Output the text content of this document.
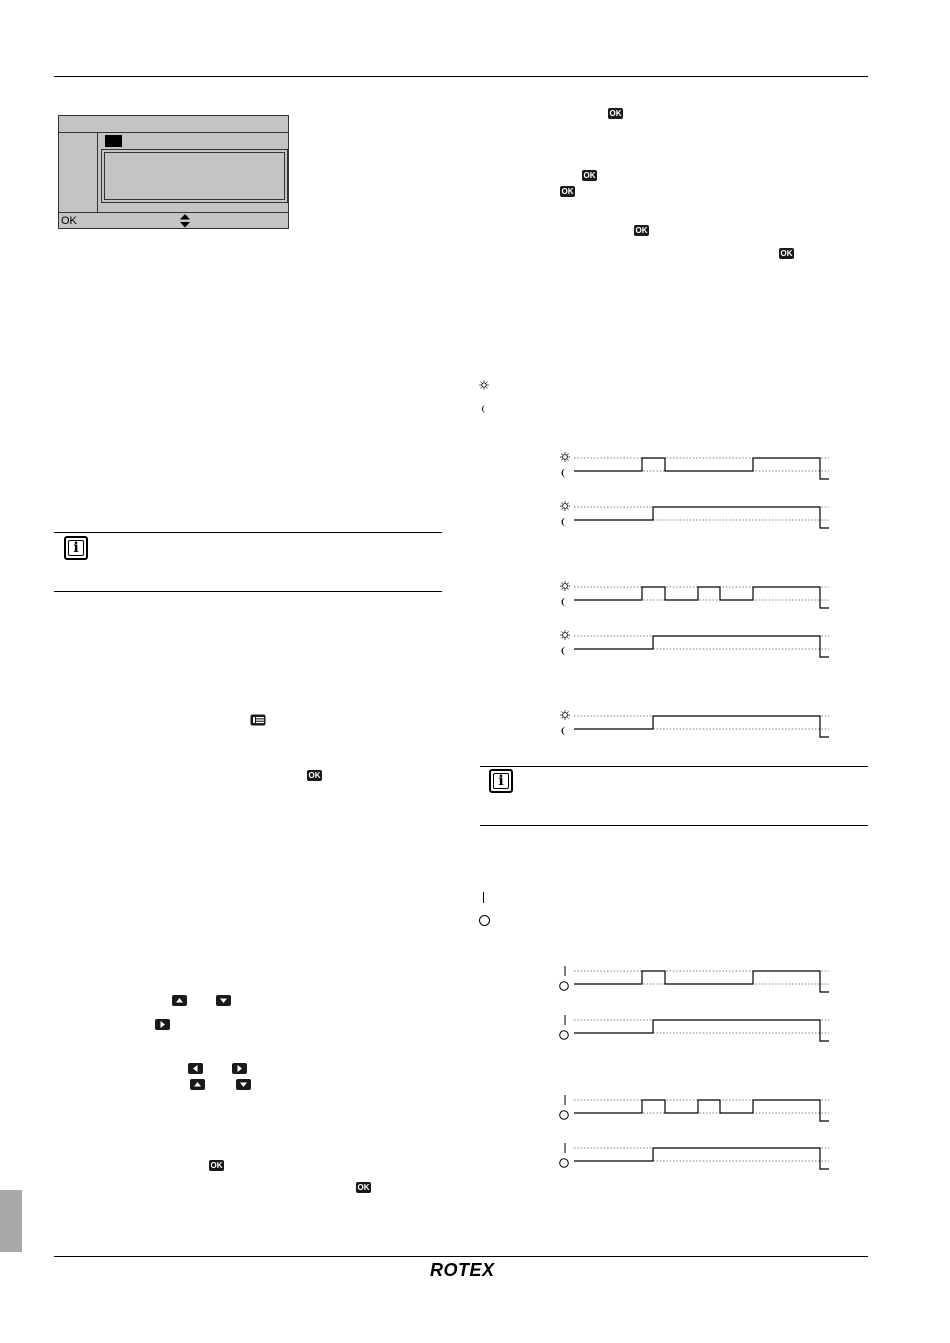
OK
i
OK
OK
OK
OK
OK
OK
OK
OK
i
ROTEX
